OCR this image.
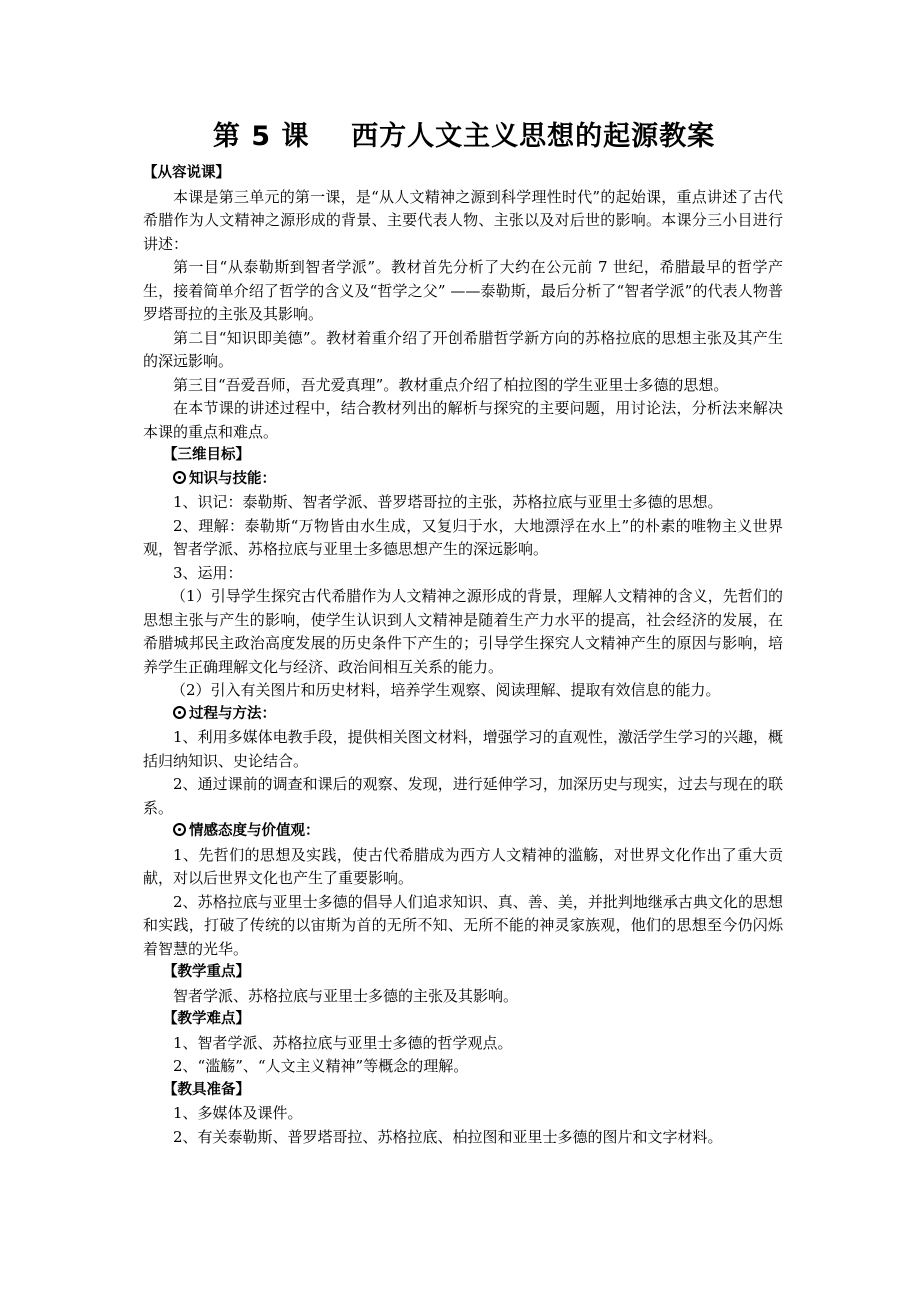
第 5 课    西方人文主义思想的起源教案

【从容说课】

本课是第三单元的第一课，是“从人文精神之源到科学理性时代”的起始课，重点讲述了古代希腊作为人文精神之源形成的背景、主要代表人物、主张以及对后世的影响。本课分三小目进行讲述：

第一目“从泰勒斯到智者学派”。教材首先分析了大约在公元前 7 世纪，希腊最早的哲学产生，接着简单介绍了哲学的含义及“哲学之父” ——泰勒斯，最后分析了“智者学派”的代表人物普罗塔哥拉的主张及其影响。

第二目“知识即美德”。教材着重介绍了开创希腊哲学新方向的苏格拉底的思想主张及其产生的深远影响。

第三目“吾爱吾师，吾尤爱真理”。教材重点介绍了柏拉图的学生亚里士多德的思想。

在本节课的讲述过程中，结合教材列出的解析与探究的主要问题，用讨论法，分析法来解决本课的重点和难点。

【三维目标】

知识与技能：

1、识记：泰勒斯、智者学派、普罗塔哥拉的主张，苏格拉底与亚里士多德的思想。

2、理解：泰勒斯“万物皆由水生成，又复归于水，大地漂浮在水上”的朴素的唯物主义世界观，智者学派、苏格拉底与亚里士多德思想产生的深远影响。

3、运用：

（1）引导学生探究古代希腊作为人文精神之源形成的背景，理解人文精神的含义，先哲们的思想主张与产生的影响，使学生认识到人文精神是随着生产力水平的提高，社会经济的发展，在希腊城邦民主政治高度发展的历史条件下产生的；引导学生探究人文精神产生的原因与影响，培养学生正确理解文化与经济、政治间相互关系的能力。

（2）引入有关图片和历史材料，培养学生观察、阅读理解、提取有效信息的能力。

过程与方法：

1、利用多媒体电教手段，提供相关图文材料，增强学习的直观性，激活学生学习的兴趣，概括归纳知识、史论结合。

2、通过课前的调查和课后的观察、发现，进行延伸学习，加深历史与现实，过去与现在的联系。

情感态度与价值观：

1、先哲们的思想及实践，使古代希腊成为西方人文精神的滥觞，对世界文化作出了重大贡献，对以后世界文化也产生了重要影响。

2、苏格拉底与亚里士多德的倡导人们追求知识、真、善、美，并批判地继承古典文化的思想和实践，打破了传统的以宙斯为首的无所不知、无所不能的神灵家族观，他们的思想至今仍闪烁着智慧的光华。

【教学重点】

智者学派、苏格拉底与亚里士多德的主张及其影响。

【教学难点】

1、智者学派、苏格拉底与亚里士多德的哲学观点。

2、“滥觞”、“人文主义精神”等概念的理解。

【教具准备】

1、多媒体及课件。

2、有关泰勒斯、普罗塔哥拉、苏格拉底、柏拉图和亚里士多德的图片和文字材料。
